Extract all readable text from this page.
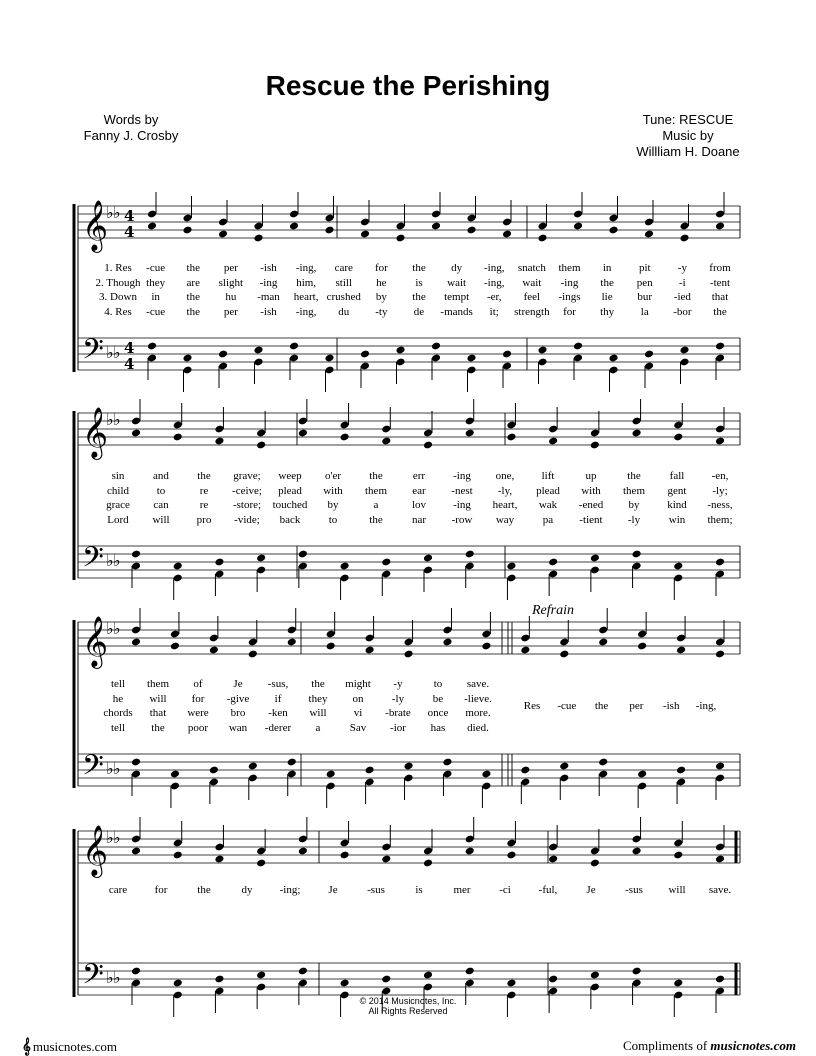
Rescue the Perishing
Words by
Fanny J. Crosby
Tune: RESCUE
Music by
Willliam H. Doane
𝄞
𝄢
♭ ♭
♭ ♭
4
4
4
4
𝄞
𝄢
♭ ♭
♭ ♭
𝄞
𝄢
♭ ♭
♭ ♭
𝄞
𝄢
♭ ♭
♭ ♭
Refrain
1. Res -cue the per -ish -ing, care for the dy -ing, snatch them in	pit -y from
2. Though they are slight -ing him, still he	is wait -ing, wait -ing the pen -i -tent
3. Down in the hu -man heart, crushed by the tempt -er, feel -ings lie bur -ied that
4. Res -cue the per -ish -ing, du -ty de -mands it; strength for thy la -bor the
sin	and	the grave; weep o'er	the	err	-ing one, lift	up	the	fall -en,
child	to	re -ceive; plead with them ear -nest -ly, plead with them gent -ly;
grace can	re -store; touched by	a	lov -ing heart, wak -ened by	kind -ness,
Lord will pro -vide; back	to	the	nar -row way	pa -tient -ly	win them;
tell them of	Je -sus, the might -y	to save.
he will for -give if they on	-ly	be -lieve.
chords that were bro -ken will vi -brate once more.
tell the poor wan -derer a	Sav -ior has died.
Res -cue the per -ish -ing,
care for	the	dy -ing;	Je	-sus	is	mer	-ci	-ful,	Je	-sus will save.
© 2014 Musicnotes, Inc.
All Rights Reserved
𝄞 musicnotes.com	Compliments of musicnotes.com
